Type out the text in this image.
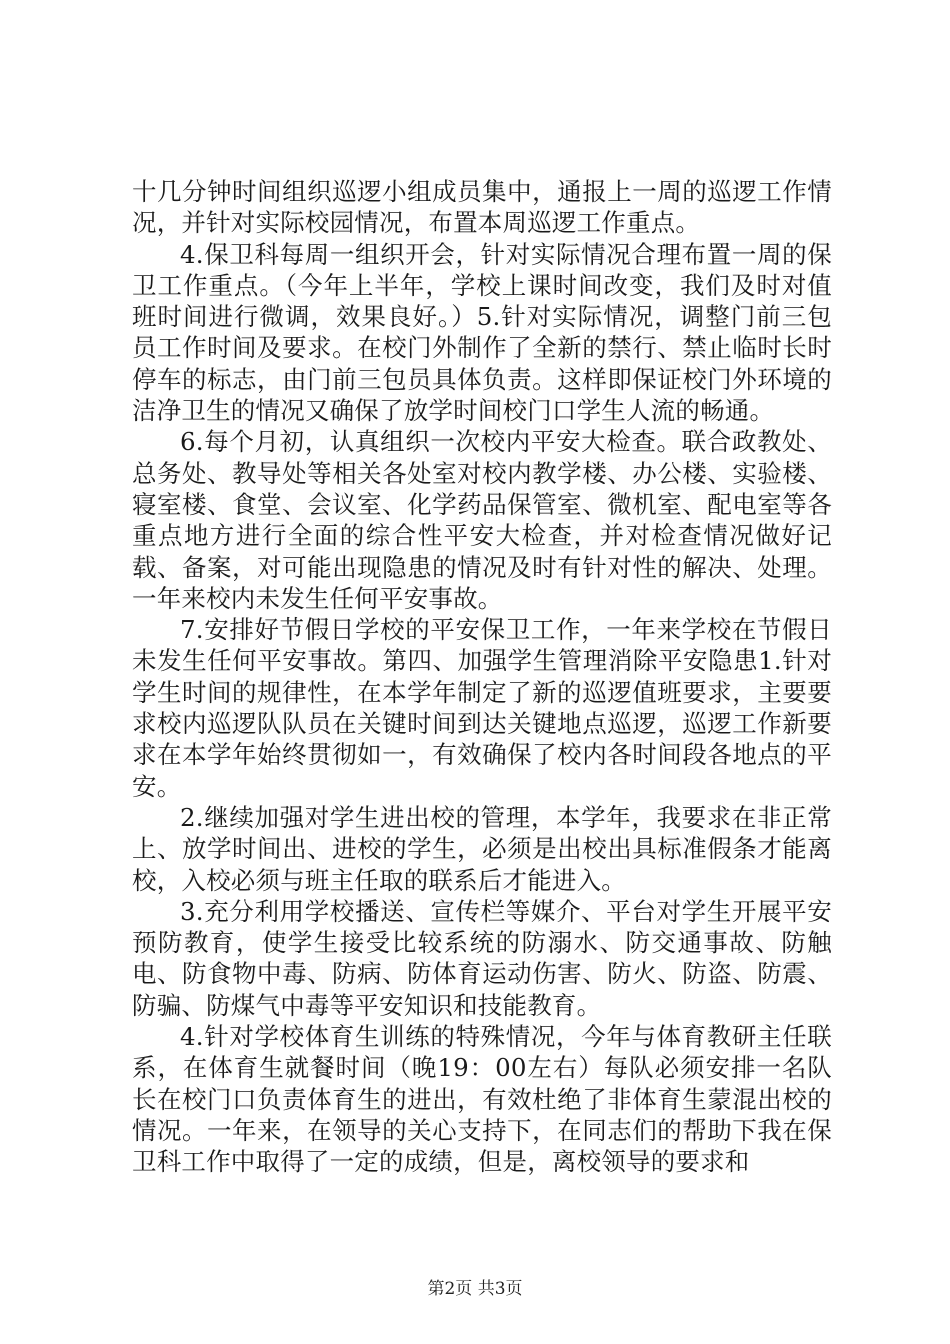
十几分钟时间组织巡逻小组成员集中，通报上一周的巡逻工作情况，并针对实际校园情况，布置本周巡逻工作重点。

4.保卫科每周一组织开会，针对实际情况合理布置一周的保卫工作重点。（今年上半年，学校上课时间改变，我们及时对值班时间进行微调，效果良好。）5.针对实际情况，调整门前三包员工作时间及要求。在校门外制作了全新的禁行、禁止临时长时停车的标志，由门前三包员具体负责。这样即保证校门外环境的洁净卫生的情况又确保了放学时间校门口学生人流的畅通。

6.每个月初，认真组织一次校内平安大检查。联合政教处、总务处、教导处等相关各处室对校内教学楼、办公楼、实验楼、寝室楼、食堂、会议室、化学药品保管室、微机室、配电室等各重点地方进行全面的综合性平安大检查，并对检查情况做好记载、备案，对可能出现隐患的情况及时有针对性的解决、处理。一年来校内未发生任何平安事故。

7.安排好节假日学校的平安保卫工作，一年来学校在节假日未发生任何平安事故。第四、加强学生管理消除平安隐患1.针对学生时间的规律性，在本学年制定了新的巡逻值班要求，主要要求校内巡逻队队员在关键时间到达关键地点巡逻，巡逻工作新要求在本学年始终贯彻如一，有效确保了校内各时间段各地点的平安。

2.继续加强对学生进出校的管理，本学年，我要求在非正常上、放学时间出、进校的学生，必须是出校出具标准假条才能离校，入校必须与班主任取的联系后才能进入。

3.充分利用学校播送、宣传栏等媒介、平台对学生开展平安预防教育，使学生接受比较系统的防溺水、防交通事故、防触电、防食物中毒、防病、防体育运动伤害、防火、防盗、防震、防骗、防煤气中毒等平安知识和技能教育。

4.针对学校体育生训练的特殊情况，今年与体育教研主任联系，在体育生就餐时间（晚19：00左右）每队必须安排一名队长在校门口负责体育生的进出，有效杜绝了非体育生蒙混出校的情况。一年来，在领导的关心支持下，在同志们的帮助下我在保卫科工作中取得了一定的成绩，但是，离校领导的要求和

第2页 共3页
